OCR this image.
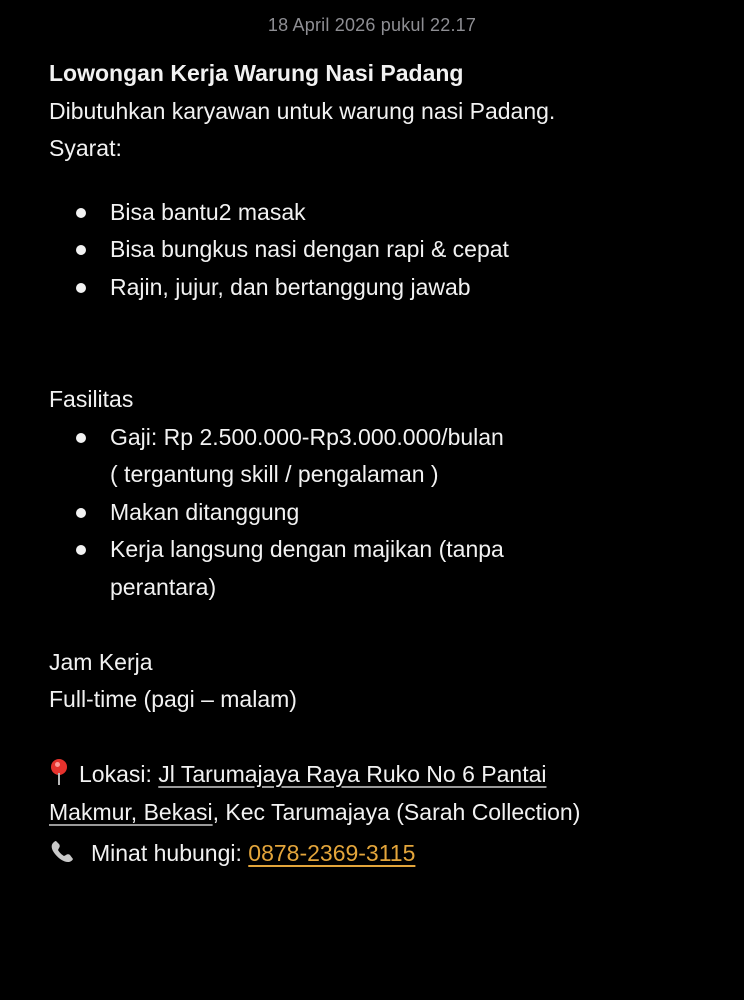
18 April 2026 pukul 22.17
Lowongan Kerja Warung Nasi Padang
Dibutuhkan karyawan untuk warung nasi Padang.
Syarat:
Bisa bantu2 masak
Bisa bungkus nasi dengan rapi & cepat
Rajin, jujur, dan bertanggung jawab
Fasilitas
Gaji: Rp 2.500.000-Rp3.000.000/bulan
( tergantung skill / pengalaman )
Makan ditanggung
Kerja langsung dengan majikan (tanpa
perantara)
Jam Kerja
Full-time (pagi – malam)
Lokasi: Jl Tarumajaya Raya Ruko No 6 Pantai
Makmur, Bekasi, Kec Tarumajaya (Sarah Collection)
Minat hubungi: 0878-2369-3115
